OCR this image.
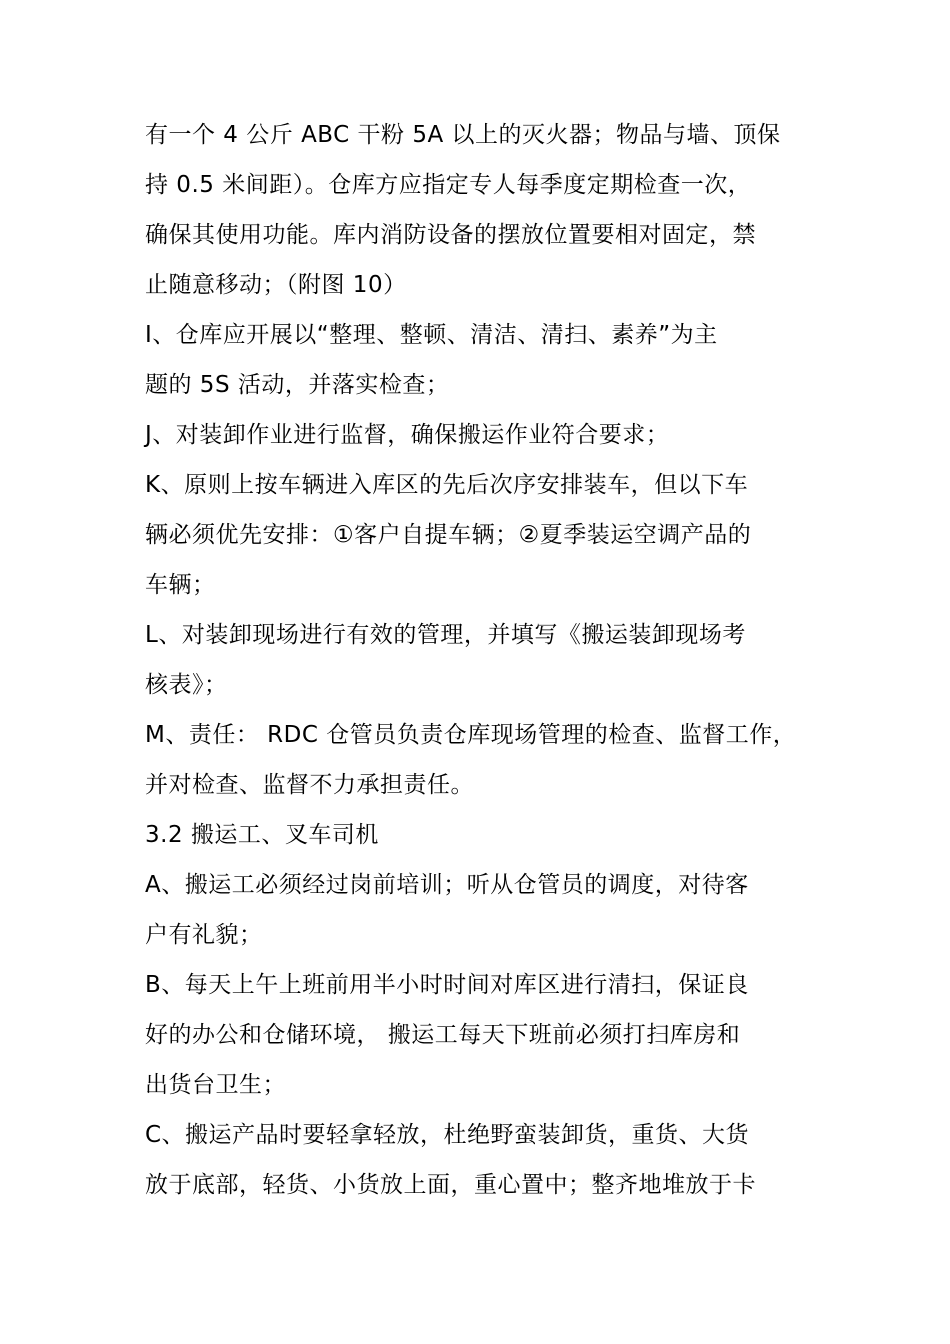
有一个 4 公斤 ABC 干粉 5A 以上的灭火器；物品与墙、顶保
持 0.5 米间距）。仓库方应指定专人每季度定期检查一次，
确保其使用功能。库内消防设备的摆放位置要相对固定，禁
止随意移动；（附图 10）

I、仓库应开展以“整理、整顿、清洁、清扫、素养”为主
题的 5S 活动，并落实检查；

J、对装卸作业进行监督，确保搬运作业符合要求；

K、原则上按车辆进入库区的先后次序安排装车，但以下车
辆必须优先安排：①客户自提车辆；②夏季装运空调产品的
车辆；

L、对装卸现场进行有效的管理，并填写《搬运装卸现场考
核表》；

M、责任： RDC 仓管员负责仓库现场管理的检查、监督工作，
并对检查、监督不力承担责任。

3.2 搬运工、叉车司机

A、搬运工必须经过岗前培训；听从仓管员的调度，对待客
户有礼貌；

B、每天上午上班前用半小时时间对库区进行清扫，保证良
好的办公和仓储环境， 搬运工每天下班前必须打扫库房和
出货台卫生；

C、搬运产品时要轻拿轻放，杜绝野蛮装卸货，重货、大货
放于底部，轻货、小货放上面，重心置中；整齐地堆放于卡
